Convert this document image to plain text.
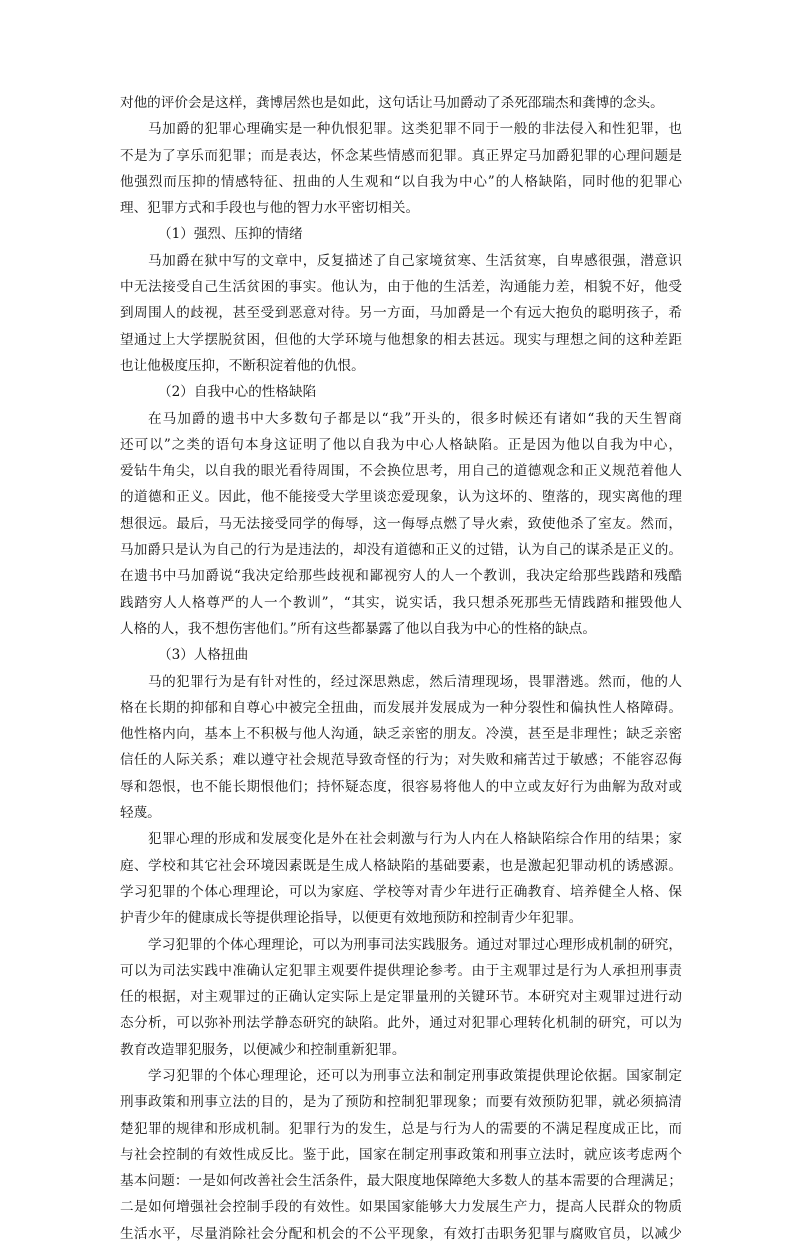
对他的评价会是这样，龚博居然也是如此，这句话让马加爵动了杀死邵瑞杰和龚博的念头。
马加爵的犯罪心理确实是一种仇恨犯罪。这类犯罪不同于一般的非法侵入和性犯罪，也
不是为了享乐而犯罪；而是表达，怀念某些情感而犯罪。真正界定马加爵犯罪的心理问题是
他强烈而压抑的情感特征、扭曲的人生观和“以自我为中心”的人格缺陷，同时他的犯罪心
理、犯罪方式和手段也与他的智力水平密切相关。
（1）强烈、压抑的情绪
马加爵在狱中写的文章中，反复描述了自己家境贫寒、生活贫寒，自卑感很强，潜意识
中无法接受自己生活贫困的事实。他认为，由于他的生活差，沟通能力差，相貌不好，他受
到周围人的歧视，甚至受到恶意对待。另一方面，马加爵是一个有远大抱负的聪明孩子，希
望通过上大学摆脱贫困，但他的大学环境与他想象的相去甚远。现实与理想之间的这种差距
也让他极度压抑，不断积淀着他的仇恨。
（2）自我中心的性格缺陷
在马加爵的遗书中大多数句子都是以“我”开头的，很多时候还有诸如“我的天生智商
还可以”之类的语句本身这证明了他以自我为中心人格缺陷。正是因为他以自我为中心，
爱钻牛角尖，以自我的眼光看待周围，不会换位思考，用自己的道德观念和正义规范着他人
的道德和正义。因此，他不能接受大学里谈恋爱现象，认为这坏的、堕落的，现实离他的理
想很远。最后，马无法接受同学的侮辱，这一侮辱点燃了导火索，致使他杀了室友。然而，
马加爵只是认为自己的行为是违法的，却没有道德和正义的过错，认为自己的谋杀是正义的。
在遗书中马加爵说“我决定给那些歧视和鄙视穷人的人一个教训，我决定给那些践踏和残酷
践踏穷人人格尊严的人一个教训”，“其实，说实话，我只想杀死那些无情践踏和摧毁他人
人格的人，我不想伤害他们。”所有这些都暴露了他以自我为中心的性格的缺点。
（3）人格扭曲
马的犯罪行为是有针对性的，经过深思熟虑，然后清理现场，畏罪潜逃。然而，他的人
格在长期的抑郁和自尊心中被完全扭曲，而发展并发展成为一种分裂性和偏执性人格障碍。
他性格内向，基本上不积极与他人沟通，缺乏亲密的朋友。冷漠，甚至是非理性；缺乏亲密
信任的人际关系；难以遵守社会规范导致奇怪的行为；对失败和痛苦过于敏感；不能容忍侮
辱和怨恨，也不能长期恨他们；持怀疑态度，很容易将他人的中立或友好行为曲解为敌对或
轻蔑。
犯罪心理的形成和发展变化是外在社会刺激与行为人内在人格缺陷综合作用的结果；家
庭、学校和其它社会环境因素既是生成人格缺陷的基础要素，也是激起犯罪动机的诱感源。
学习犯罪的个体心理理论，可以为家庭、学校等对青少年进行正确教育、培养健全人格、保
护青少年的健康成长等提供理论指导，以便更有效地预防和控制青少年犯罪。
学习犯罪的个体心理理论，可以为刑事司法实践服务。通过对罪过心理形成机制的研究，
可以为司法实践中准确认定犯罪主观要件提供理论参考。由于主观罪过是行为人承担刑事责
任的根据，对主观罪过的正确认定实际上是定罪量刑的关键环节。本研究对主观罪过进行动
态分析，可以弥补刑法学静态研究的缺陷。此外，通过对犯罪心理转化机制的研究，可以为
教育改造罪犯服务，以便减少和控制重新犯罪。
学习犯罪的个体心理理论，还可以为刑事立法和制定刑事政策提供理论依据。国家制定
刑事政策和刑事立法的目的，是为了预防和控制犯罪现象；而要有效预防犯罪，就必须搞清
楚犯罪的规律和形成机制。犯罪行为的发生，总是与行为人的需要的不满足程度成正比，而
与社会控制的有效性成反比。鉴于此，国家在制定刑事政策和刑事立法时，就应该考虑两个
基本问题：一是如何改善社会生活条件，最大限度地保障绝大多数人的基本需要的合理满足；
二是如何增强社会控制手段的有效性。如果国家能够大力发展生产力，提高人民群众的物质
生活水平，尽量消除社会分配和机会的不公平现象，有效打击职务犯罪与腐败官员，以减少
